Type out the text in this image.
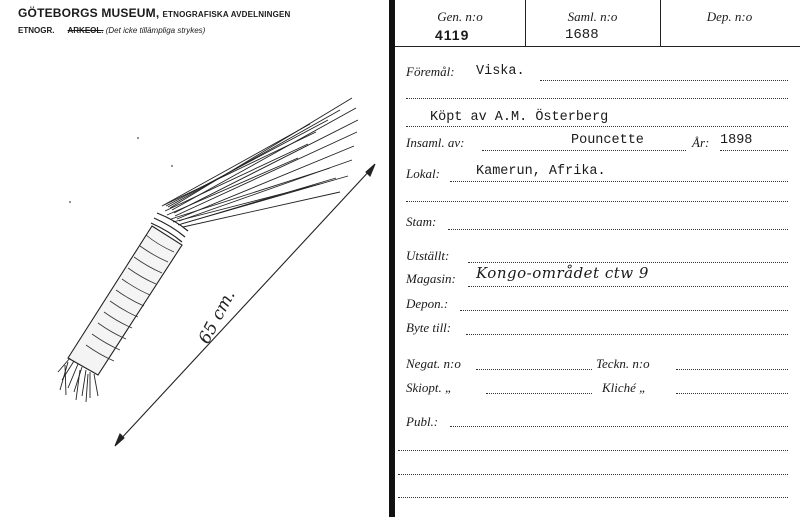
GÖTEBORGS MUSEUM, ETNOGRAFISKA AVDELNINGEN
ETNOGR. ARKEOL. (Det icke tillämpliga strykes)
65 cm.
Gen. n:o
4119
Saml. n:o
1688
Dep. n:o
Föremål: Viska.
Köpt av A.M. Österberg
Insaml. av:	Pouncette	År: 1898
Lokal:	Kamerun, Afrika.
Stam:
Utställt:
Magasin: Kongo-området ctw 9
Depon.:
Byte till:
Negat. n:o	Teckn. n:o
Skiopt. „	Kliché „
Publ.:
